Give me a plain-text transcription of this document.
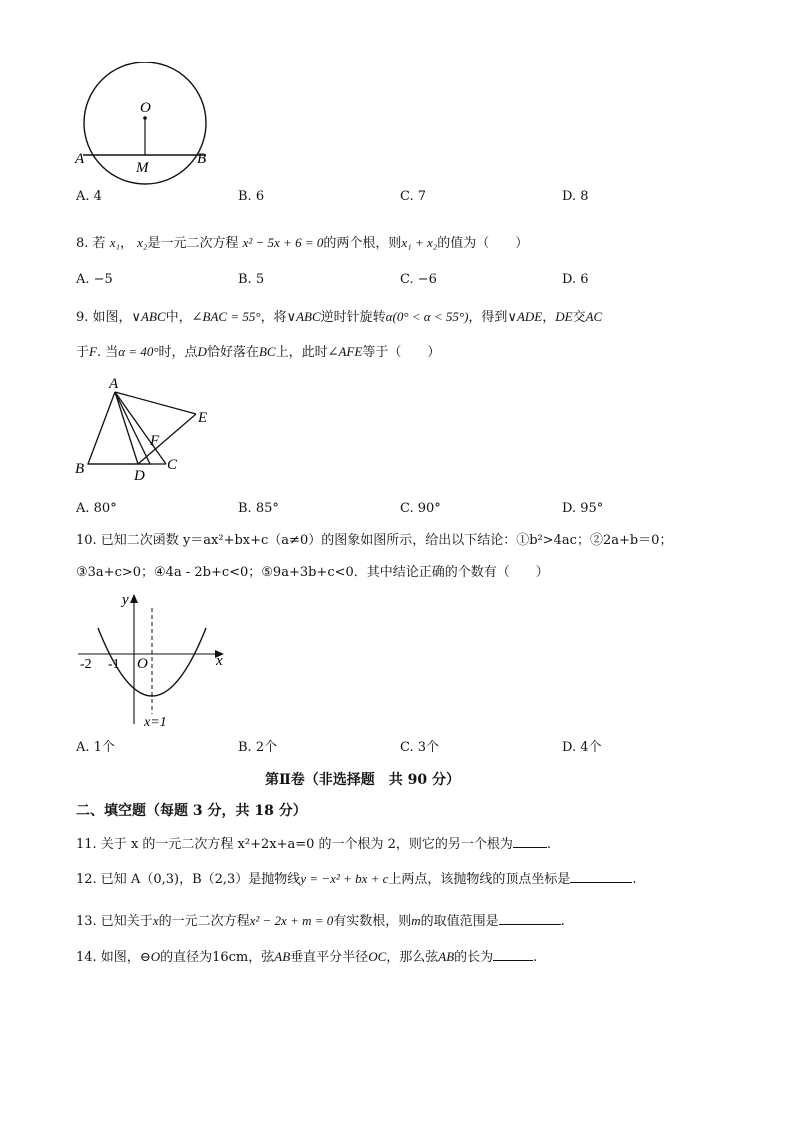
O
A	B
M
A. 4	B. 6	C. 7	D. 8
8. 若 x₁， x₂是一元二次方程 x² − 5x + 6 = 0的两个根，则x₁ + x₂的值为（　　）
A. −5	B. 5	C. −6	D. 6
9. 如图，∨ABC中，∠BAC = 55°，将∨ABC逆时针旋转α(0° < α < 55°)，得到∨ADE，DE交AC
于F. 当α = 40°时，点D恰好落在BC上，此时∠AFE等于（　　）
A
B	C
D
E
F
A. 80°	B. 85°	C. 90°	D. 95°
10. 已知二次函数 y＝ax²+bx+c（a≠0）的图象如图所示，给出以下结论：①b²>4ac；②2a+b＝0；
③3a+c>0；④4a - 2b+c<0；⑤9a+3b+c<0．其中结论正确的个数有（　　）
y
x
O
-2 -1
x=1
A. 1个	B. 2个	C. 3个	D. 4个
第Ⅱ卷（非选择题　共 90 分）
二、填空题（每题 3 分，共 18 分）
11. 关于 x 的一元二次方程 x²+2x+a=0 的一个根为 2，则它的另一个根为	.
12. 已知 A（0,3)，B（2,3）是抛物线y = −x² + bx + c上两点，该抛物线的顶点坐标是	.
13. 已知关于x的一元二次方程x² − 2x + m = 0有实数根，则m的取值范围是	.
14. 如图，⊖O的直径为16cm，弦AB垂直平分半径OC，那么弦AB的长为	.
